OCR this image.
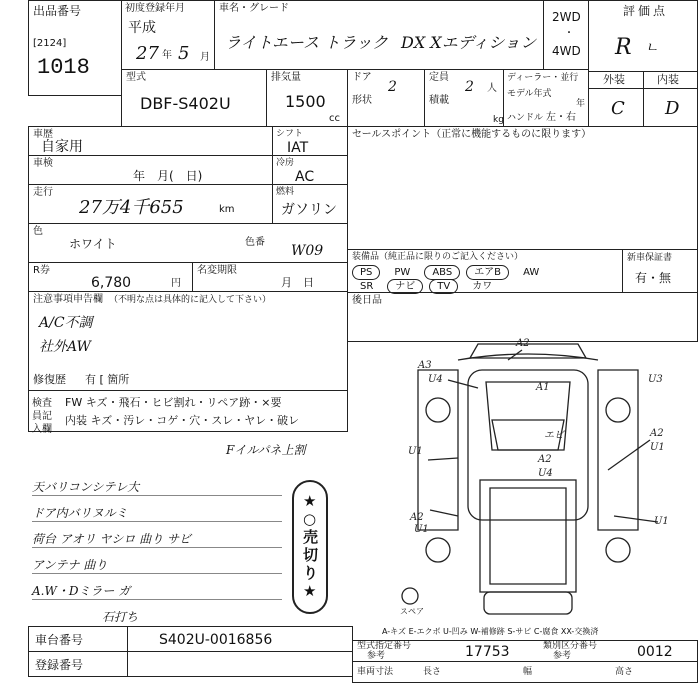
出品番号
[2124]
1018
初度登録年月
平成
27 年 5 月
車名・グレード
ライトエース トラック DX Xエディション
2WD
・
4WD
評価点
R ㄴ
外装	内装
C D
型式
DBF-S402U
排気量
1500
cc
ドア
2
形状
定員
2 人
積載
kg
ディーラー・並行
モデル年式
年
ハンドル 左・右
車歴
自家用
車検
年　月(　日)
走行
27万4千655	km
色
ホワイト	色番
W09
R券
6,780	円
名変期限
月　日
シフト
IAT
冷房
AC
燃料
ガソリン
セールスポイント（正常に機能するものに限ります）
装備品（純正品に限りのご記入ください）
PS	PW	ABS	エアB	AW
SR	ナビ	TV	カワ
新車保証書
有・無
後日品
注意事項申告欄 （不明な点は具体的に記入して下さい）
A/C不調
社外AW
修復歴 有 [ 箇所
検査員記入欄
FW キズ・飛石・ヒビ割れ・リペア跡・×要
内装 キズ・汚レ・コゲ・穴・スレ・ヤレ・破レ
Fイルパネ上割
天バリコンシテレ大
ドア内バリヌルミ
荷台 アオリ ヤシロ 曲り サビ
アンテナ 曲り
A.W・Dミラー ガ
石打ち
★○売切り★
A3
U4
A1
U3
A2
U1
エビ
A2
U4
A2
U1
A2
U1
U1
スペア
A-キズ E-エクボ U-凹み W-補修跡 S-サビ C-腐食 XX-交換済
車台番号	S402U-0016856
登録番号
型式指定番号
参考	17753	類別区分番号
参考	0012
車両寸法	長さ	幅	高さ
